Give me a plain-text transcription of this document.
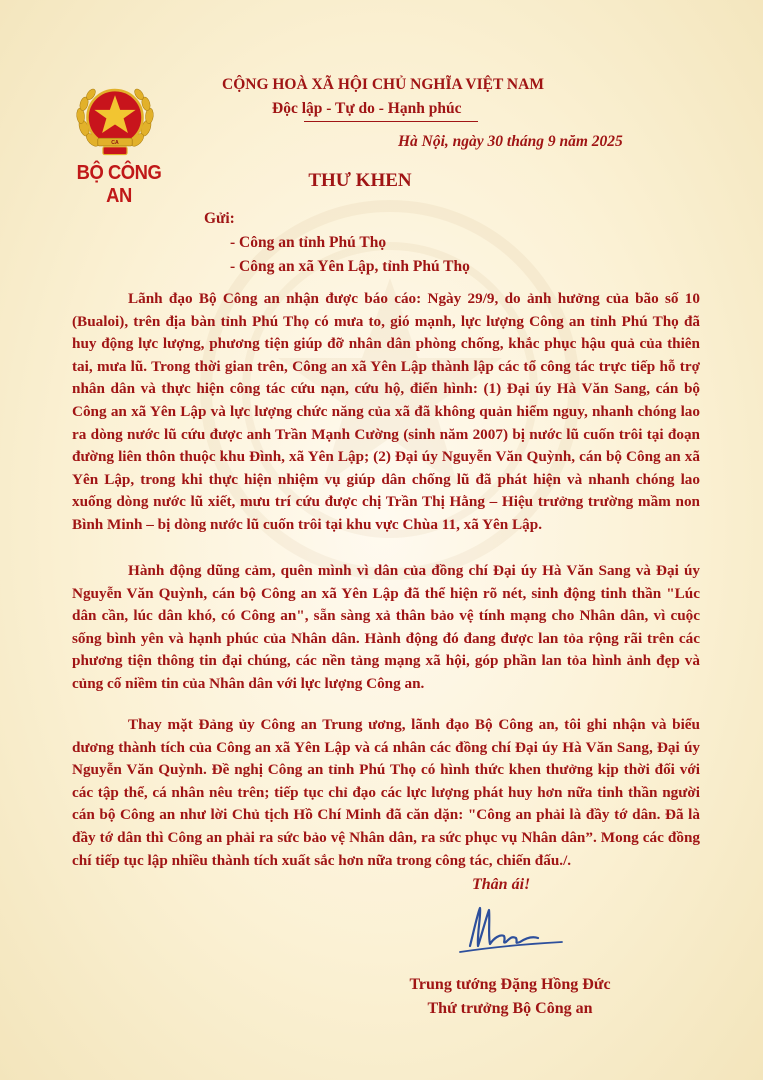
CA
BỘ CÔNG AN
CỘNG HOÀ XÃ HỘI CHỦ NGHĨA VIỆT NAM
Độc lập - Tự do - Hạnh phúc
Hà Nội, ngày 30 tháng 9 năm 2025
THƯ KHEN
Gửi:
- Công an tỉnh Phú Thọ
- Công an xã Yên Lập, tỉnh Phú Thọ
Lãnh đạo Bộ Công an nhận được báo cáo: Ngày 29/9, do ảnh hưởng của bão số 10 (Bualoi), trên địa bàn tỉnh Phú Thọ có mưa to, gió mạnh, lực lượng Công an tỉnh Phú Thọ đã huy động lực lượng, phương tiện giúp đỡ nhân dân phòng chống, khắc phục hậu quả của thiên tai, mưa lũ. Trong thời gian trên, Công an xã Yên Lập thành lập các tổ công tác trực tiếp hỗ trợ nhân dân và thực hiện công tác cứu nạn, cứu hộ, điển hình: (1) Đại úy Hà Văn Sang, cán bộ Công an xã Yên Lập và lực lượng chức năng của xã đã không quản hiểm nguy, nhanh chóng lao ra dòng nước lũ cứu được anh Trần Mạnh Cường (sinh năm 2007) bị nước lũ cuốn trôi tại đoạn đường liên thôn thuộc khu Đình, xã Yên Lập; (2) Đại úy Nguyễn Văn Quỳnh, cán bộ Công an xã Yên Lập, trong khi thực hiện nhiệm vụ giúp dân chống lũ đã phát hiện và nhanh chóng lao xuống dòng nước lũ xiết, mưu trí cứu được chị Trần Thị Hằng – Hiệu trưởng trường mầm non Bình Minh – bị dòng nước lũ cuốn trôi tại khu vực Chùa 11, xã Yên Lập.
Hành động dũng cảm, quên mình vì dân của đồng chí Đại úy Hà Văn Sang và Đại úy Nguyễn Văn Quỳnh, cán bộ Công an xã Yên Lập đã thể hiện rõ nét, sinh động tinh thần "Lúc dân cần, lúc dân khó, có Công an", sẵn sàng xả thân bảo vệ tính mạng cho Nhân dân, vì cuộc sống bình yên và hạnh phúc của Nhân dân. Hành động đó đang được lan tỏa rộng rãi trên các phương tiện thông tin đại chúng, các nền tảng mạng xã hội, góp phần lan tỏa hình ảnh đẹp và củng cố niềm tin của Nhân dân với lực lượng Công an.
Thay mặt Đảng ủy Công an Trung ương, lãnh đạo Bộ Công an, tôi ghi nhận và biểu dương thành tích của Công an xã Yên Lập và cá nhân các đồng chí Đại úy Hà Văn Sang, Đại úy Nguyễn Văn Quỳnh. Đề nghị Công an tỉnh Phú Thọ có hình thức khen thưởng kịp thời đối với các tập thể, cá nhân nêu trên; tiếp tục chỉ đạo các lực lượng phát huy hơn nữa tinh thần người cán bộ Công an như lời Chủ tịch Hồ Chí Minh đã căn dặn: "Công an phải là đầy tớ dân. Đã là đầy tớ dân thì Công an phải ra sức bảo vệ Nhân dân, ra sức phục vụ Nhân dân”. Mong các đồng chí tiếp tục lập nhiều thành tích xuất sắc hơn nữa trong công tác, chiến đấu./.
Thân ái!
Trung tướng Đặng Hồng Đức
Thứ trưởng Bộ Công an
